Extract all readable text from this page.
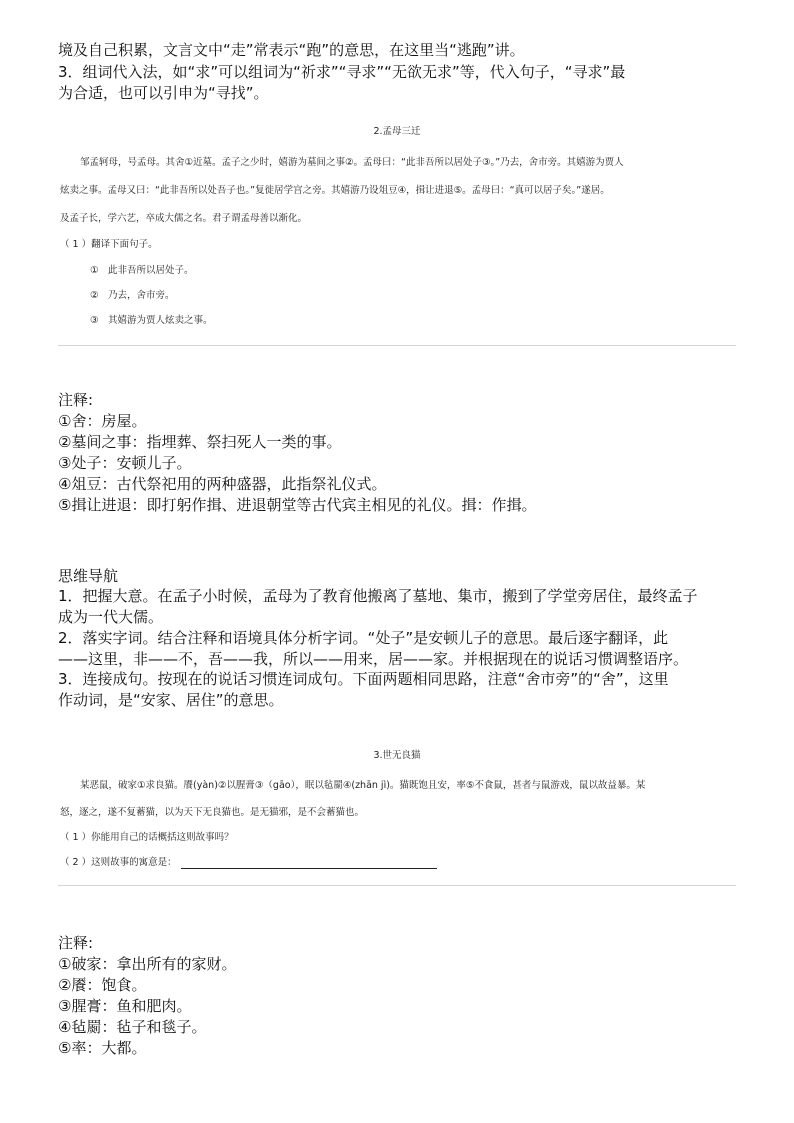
境及自己积累，文言文中“走”常表示“跑”的意思，在这里当“逃跑”讲。
3．组词代入法，如“求”可以组词为“祈求”“寻求”“无欲无求”等，代入句子，“寻求”最
为合适，也可以引申为“寻找”。
2.孟母三迁
邹孟轲母，号孟母。其舍①近墓。孟子之少时，嬉游为墓间之事②。孟母曰：“此非吾所以居处子③。”乃去，舍市旁。其嬉游为贾人
炫卖之事。孟母又曰：“此非吾所以处吾子也。”复徙居学宫之旁。其嬉游乃设俎豆④，揖让进退⑤。孟母曰：“真可以居子矣。”遂居。
及孟子长，学六艺，卒成大儒之名。君子谓孟母善以渐化。
（ 1 ）翻译下面句子。
①　此非吾所以居处子。
②　乃去，舍市旁。
③　其嬉游为贾人炫卖之事。
注释:
①舍：房屋。
②墓间之事：指埋葬、祭扫死人一类的事。
③处子：安顿儿子。
④俎豆：古代祭祀用的两种盛器，此指祭礼仪式。
⑤揖让进退：即打躬作揖、进退朝堂等古代宾主相见的礼仪。揖：作揖。
思维导航
1．把握大意。在孟子小时候，孟母为了教育他搬离了墓地、集市，搬到了学堂旁居住，最终孟子
成为一代大儒。
2．落实字词。结合注释和语境具体分析字词。“处子”是安顿儿子的意思。最后逐字翻译，此
——这里，非——不，吾——我，所以——用来，居——家。并根据现在的说话习惯调整语序。
3．连接成句。按现在的说话习惯连词成句。下面两题相同思路，注意“舍市旁”的“舍”，这里
作动词，是“安家、居住”的意思。
3.世无良猫
某恶鼠，破家①求良猫。餍(yàn)②以腥膏③（gāo），眠以毡罽④(zhān jì)。猫既饱且安，率⑤不食鼠，甚者与鼠游戏，鼠以故益暴。某
怒，逐之，遂不复蓄猫，以为天下无良猫也。是无猫邪，是不会蓄猫也。
（ 1 ）你能用自己的话概括这则故事吗？
（ 2 ）这则故事的寓意是：
注释:
①破家：拿出所有的家财。
②餍：饱食。
③腥膏：鱼和肥肉。
④毡罽：毡子和毯子。
⑤率：大都。
